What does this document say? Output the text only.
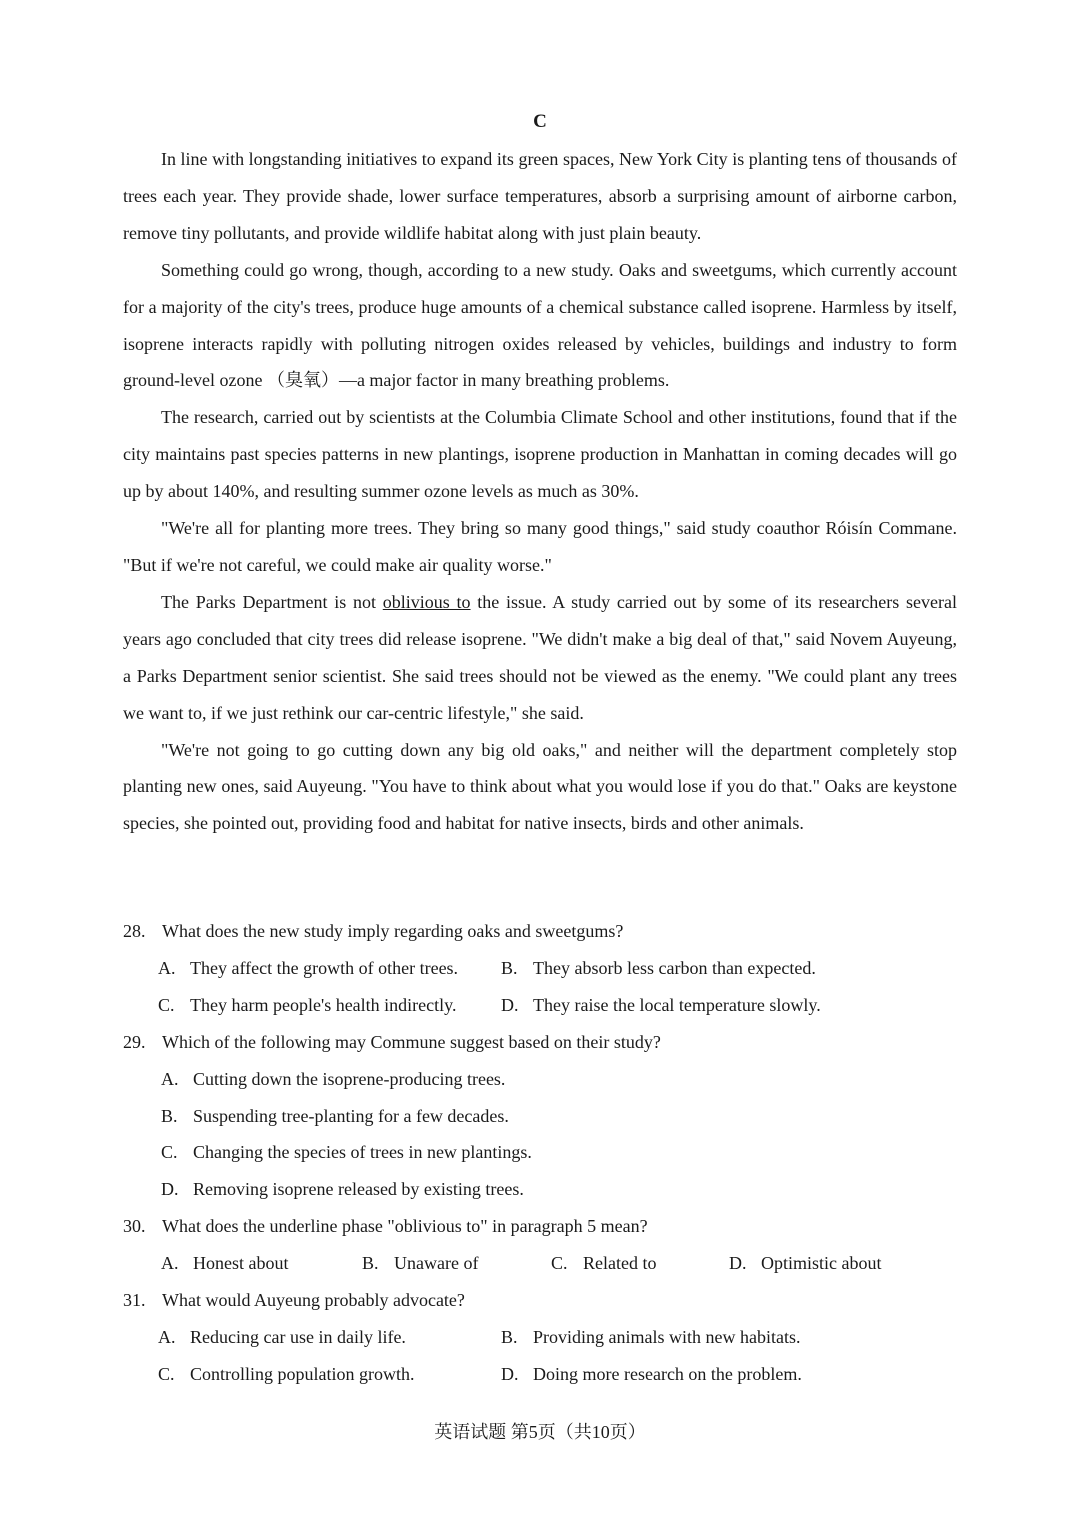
C

In line with longstanding initiatives to expand its green spaces, New York City is planting tens of thousands of trees each year. They provide shade, lower surface temperatures, absorb a surprising amount of airborne carbon, remove tiny pollutants, and provide wildlife habitat along with just plain beauty.

Something could go wrong, though, according to a new study. Oaks and sweetgums, which currently account for a majority of the city's trees, produce huge amounts of a chemical substance called isoprene. Harmless by itself, isoprene interacts rapidly with polluting nitrogen oxides released by vehicles, buildings and industry to form ground-level ozone （臭氧）—a major factor in many breathing problems.

The research, carried out by scientists at the Columbia Climate School and other institutions, found that if the city maintains past species patterns in new plantings, isoprene production in Manhattan in coming decades will go up by about 140%, and resulting summer ozone levels as much as 30%.

"We're all for planting more trees. They bring so many good things," said study coauthor Róisín Commane. "But if we're not careful, we could make air quality worse."

The Parks Department is not oblivious to the issue. A study carried out by some of its researchers several years ago concluded that city trees did release isoprene. "We didn't make a big deal of that," said Novem Auyeung, a Parks Department senior scientist. She said trees should not be viewed as the enemy. "We could plant any trees we want to, if we just rethink our car-centric lifestyle," she said.

"We're not going to go cutting down any big old oaks," and neither will the department completely stop planting new ones, said Auyeung. "You have to think about what you would lose if you do that." Oaks are keystone species, she pointed out, providing food and habitat for native insects, birds and other animals.

28. What does the new study imply regarding oaks and sweetgums?
A. They affect the growth of other trees.	B. They absorb less carbon than expected.
C. They harm people's health indirectly.	D. They raise the local temperature slowly.
29. Which of the following may Commune suggest based on their study?
A. Cutting down the isoprene-producing trees.
B. Suspending tree-planting for a few decades.
C. Changing the species of trees in new plantings.
D. Removing isoprene released by existing trees.
30. What does the underline phase "oblivious to" in paragraph 5 mean?
A. Honest about	B. Unaware of	C. Related to	D. Optimistic about
31. What would Auyeung probably advocate?
A. Reducing car use in daily life.	B. Providing animals with new habitats.
C. Controlling population growth.	D. Doing more research on the problem.
英语试题 第5页（共10页）
